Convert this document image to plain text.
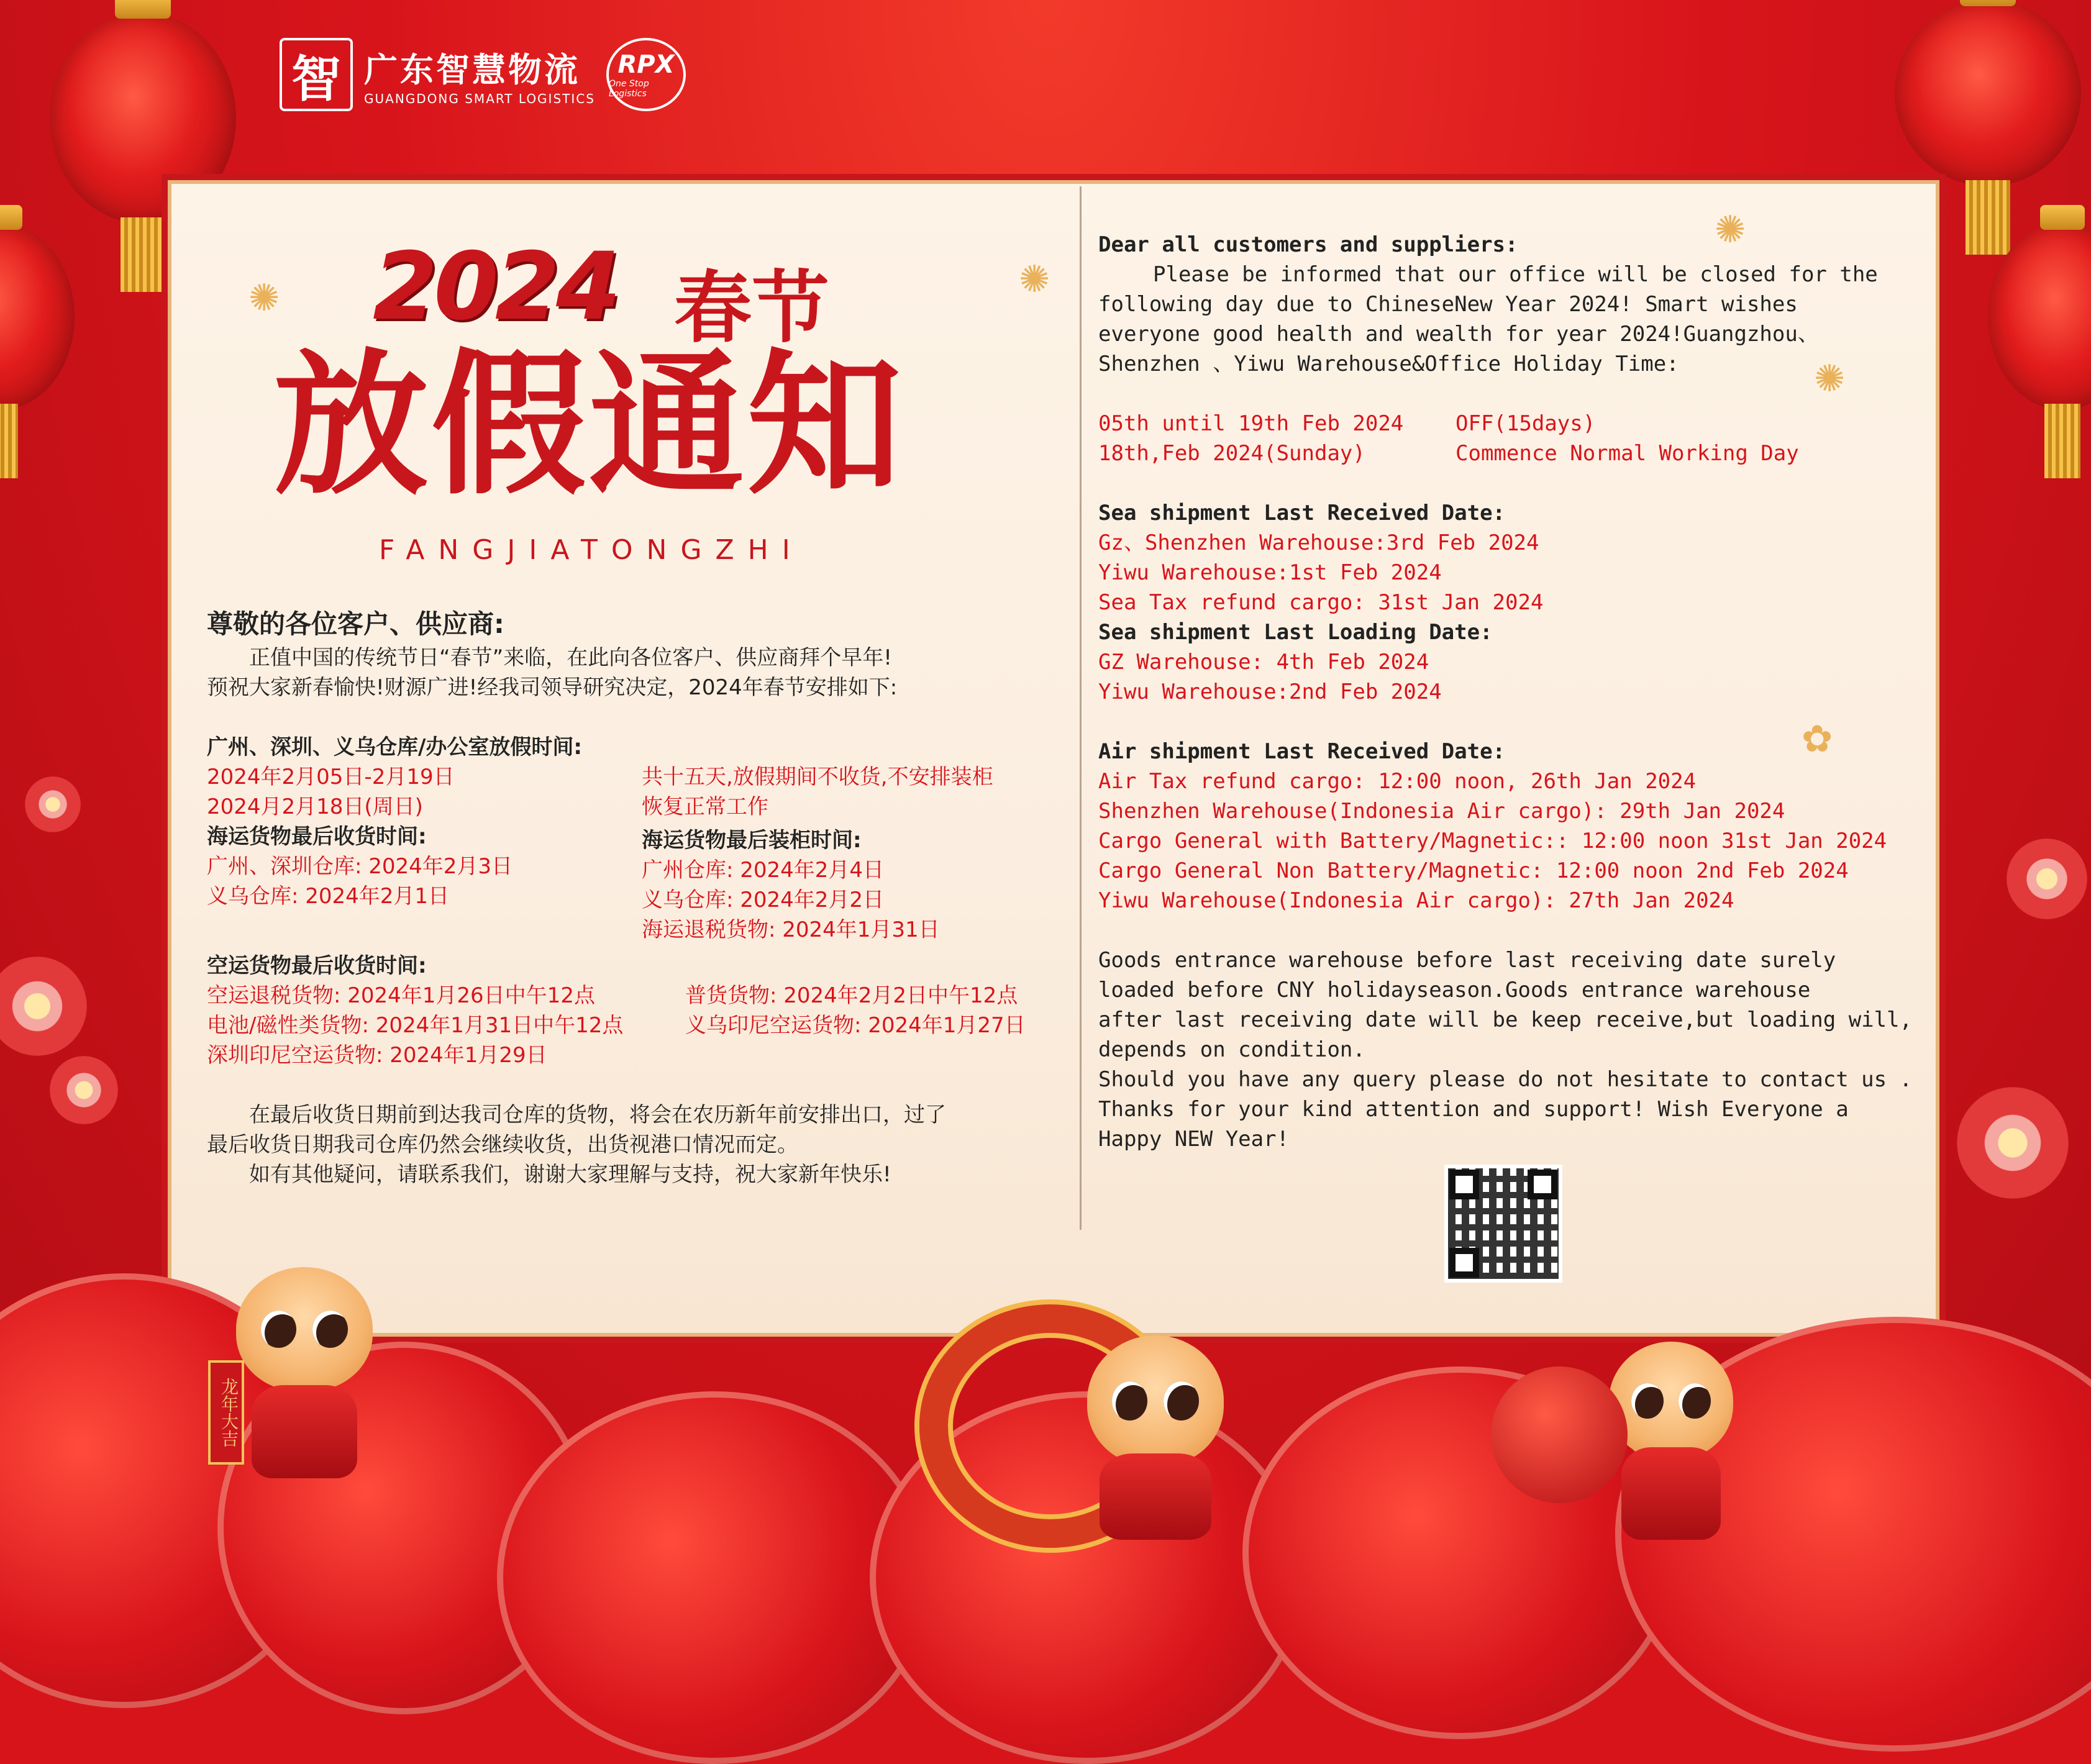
智 广东智慧物流
GUANGDONG SMART LOGISTICS
RPX
One Stop Logistics
✺	✺
✺
✺
✿
2024 春节
放假通知
FANGJIATONGZHI
尊敬的各位客户、供应商:
正值中国的传统节日“春节”来临，在此向各位客户、供应商拜个早年!
预祝大家新春愉快!财源广进!经我司领导研究决定，2024年春节安排如下:
广州、深圳、义乌仓库/办公室放假时间:
2024年2月05日-2月19日	共十五天,放假期间不收货,不安排装柜
2024月2月18日(周日)	恢复正常工作
海运货物最后收货时间:
广州、深圳仓库: 2024年2月3日
义乌仓库: 2024年2月1日
海运货物最后装柜时间:
广州仓库: 2024年2月4日
义乌仓库: 2024年2月2日
海运退税货物: 2024年1月31日
空运货物最后收货时间:
空运退税货物: 2024年1月26日中午12点	普货货物: 2024年2月2日中午12点
电池/磁性类货物: 2024年1月31日中午12点	义乌印尼空运货物: 2024年1月27日
深圳印尼空运货物: 2024年1月29日
在最后收货日期前到达我司仓库的货物，将会在农历新年前安排出口，过了
最后收货日期我司仓库仍然会继续收货，出货视港口情况而定。
如有其他疑问，请联系我们，谢谢大家理解与支持，祝大家新年快乐!
Dear all customers and suppliers:
Please be informed that our office will be closed for the
following day due to ChineseNew Year 2024! Smart wishes
everyone good health and wealth for year 2024!Guangzhou、
Shenzhen 、Yiwu Warehouse&Office Holiday Time:
05th until 19th Feb 2024	OFF(15days)
18th,Feb 2024(Sunday)	Commence Normal Working Day
Sea shipment Last Received Date:
Gz、Shenzhen Warehouse:3rd Feb 2024
Yiwu Warehouse:1st Feb 2024
Sea Tax refund cargo: 31st Jan 2024
Sea shipment Last Loading Date:
GZ Warehouse: 4th Feb 2024
Yiwu Warehouse:2nd Feb 2024
Air shipment Last Received Date:
Air Tax refund cargo: 12:00 noon, 26th Jan 2024
Shenzhen Warehouse(Indonesia Air cargo): 29th Jan 2024
Cargo General with Battery/Magnetic:: 12:00 noon 31st Jan 2024
Cargo General Non Battery/Magnetic: 12:00 noon 2nd Feb 2024
Yiwu Warehouse(Indonesia Air cargo): 27th Jan 2024
Goods entrance warehouse before last receiving date surely
loaded before CNY holidayseason.Goods entrance warehouse
after last receiving date will be keep receive,but loading will,
depends on condition.
Should you have any query please do not hesitate to contact us .
Thanks for your kind attention and support! Wish Everyone a
Happy NEW Year!
龙年大吉
